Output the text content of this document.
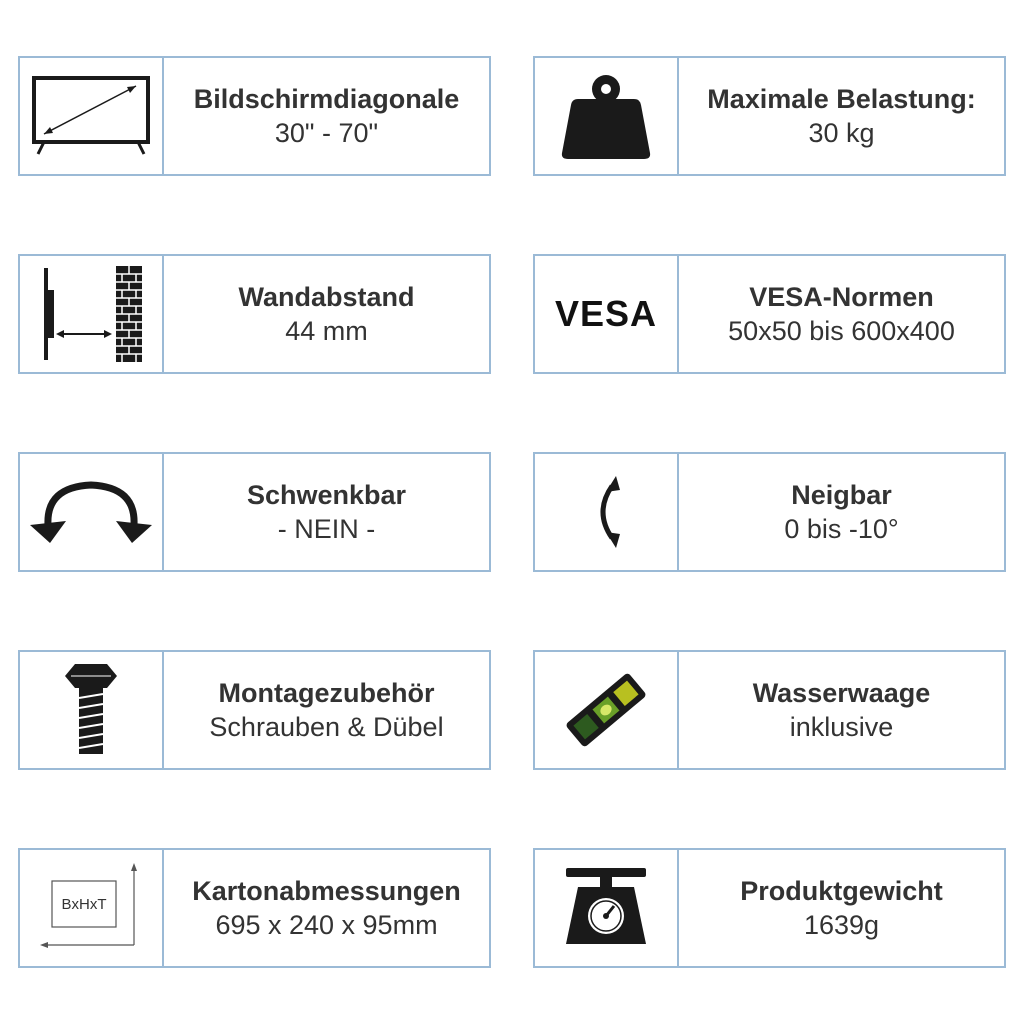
Bildschirmdiagonale
30" - 70"
Maximale Belastung:
30 kg
Wandabstand
44 mm	VESA	VESA-Normen
50x50 bis 600x400
Schwenkbar
- NEIN -
Neigbar
0 bis -10°
Montagezubehör
Schrauben & Dübel
Wasserwaage
inklusive
BxHxT	Kartonabmessungen
695 x 240 x 95mm
Produktgewicht
1639g
